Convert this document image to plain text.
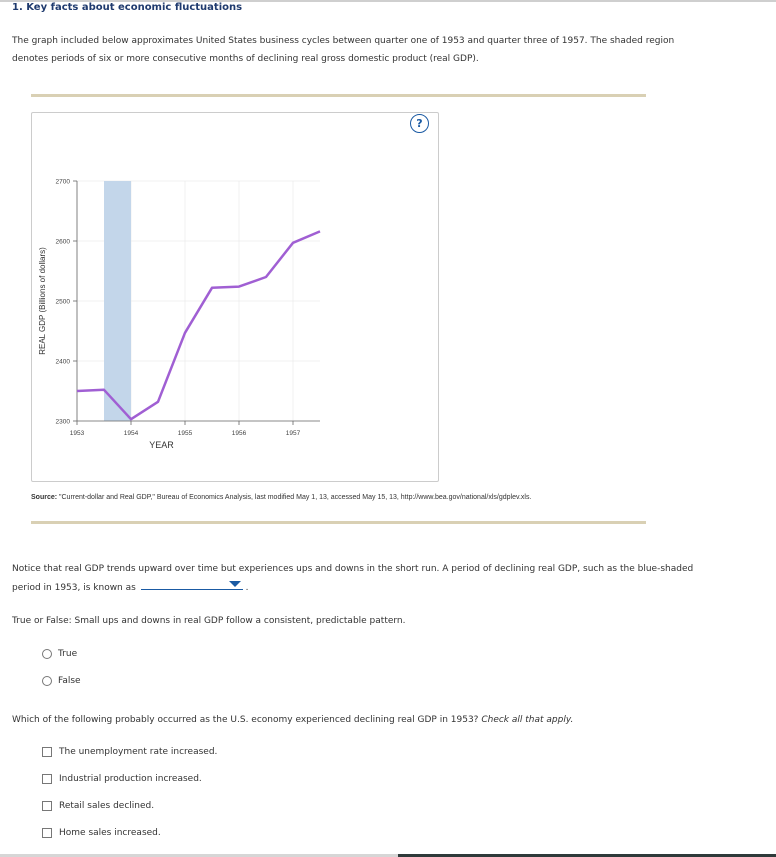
1. Key facts about economic fluctuations
The graph included below approximates United States business cycles between quarter one of 1953 and quarter three of 1957. The shaded region denotes periods of six or more consecutive months of declining real gross domestic product (real GDP).
?
2300
2400
2500
2600
2700
1953	1954	1955	1956	1957
YEAR
REAL GDP (Billions of dollars)
Source: "Current-dollar and Real GDP," Bureau of Economics Analysis, last modified May 1, 13, accessed May 15, 13, http://www.bea.gov/national/xls/gdplev.xls.
Notice that real GDP trends upward over time but experiences ups and downs in the short run. A period of declining real GDP, such as the blue-shaded period in 1953, is known as	.
True or False: Small ups and downs in real GDP follow a consistent, predictable pattern.
True
False
Which of the following probably occurred as the U.S. economy experienced declining real GDP in 1953? Check all that apply.
The unemployment rate increased.
Industrial production increased.
Retail sales declined.
Home sales increased.
